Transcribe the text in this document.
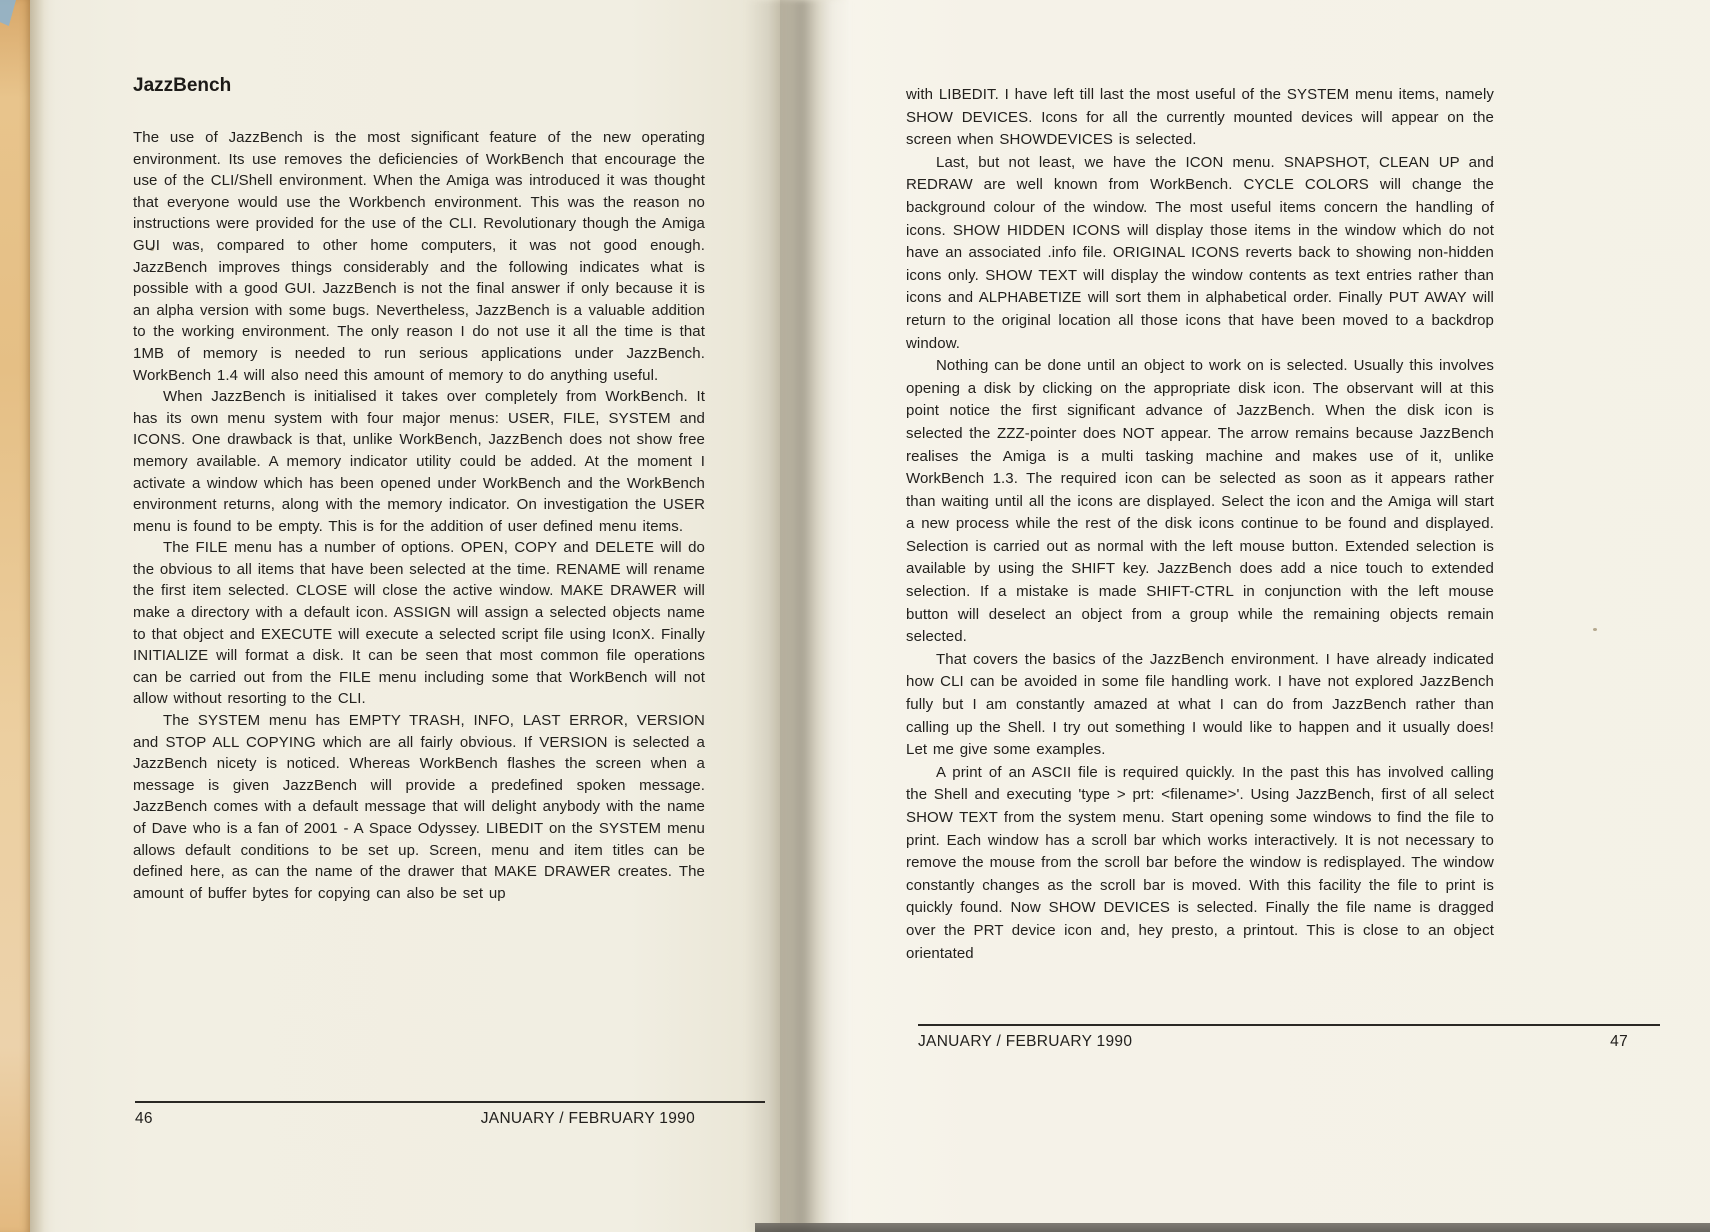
JazzBench

The use of JazzBench is the most significant feature of the new operating environment. Its use removes the deficiencies of WorkBench that encourage the use of the CLI/Shell environment. When the Amiga was introduced it was thought that everyone would use the Workbench environment. This was the reason no instructions were provided for the use of the CLI. Revolutionary though the Amiga GUI was, compared to other home computers, it was not good enough. JazzBench improves things considerably and the following indicates what is possible with a good GUI. JazzBench is not the final answer if only because it is an alpha version with some bugs. Nevertheless, JazzBench is a valuable addition to the working environment. The only reason I do not use it all the time is that 1MB of memory is needed to run serious applications under JazzBench. WorkBench 1.4 will also need this amount of memory to do anything useful.

When JazzBench is initialised it takes over completely from WorkBench. It has its own menu system with four major menus: USER, FILE, SYSTEM and ICONS. One drawback is that, unlike WorkBench, JazzBench does not show free memory available. A memory indicator utility could be added. At the moment I activate a window which has been opened under WorkBench and the WorkBench environment returns, along with the memory indicator. On investigation the USER menu is found to be empty. This is for the addition of user defined menu items.

The FILE menu has a number of options. OPEN, COPY and DELETE will do the obvious to all items that have been selected at the time. RENAME will rename the first item selected. CLOSE will close the active window. MAKE DRAWER will make a directory with a default icon. ASSIGN will assign a selected objects name to that object and EXECUTE will execute a selected script file using IconX. Finally INITIALIZE will format a disk. It can be seen that most common file operations can be carried out from the FILE menu including some that WorkBench will not allow without resorting to the CLI.

The SYSTEM menu has EMPTY TRASH, INFO, LAST ERROR, VERSION and STOP ALL COPYING which are all fairly obvious. If VERSION is selected a JazzBench nicety is noticed. Whereas WorkBench flashes the screen when a message is given JazzBench will provide a predefined spoken message. JazzBench comes with a default message that will delight anybody with the name of Dave who is a fan of 2001 - A Space Odyssey. LIBEDIT on the SYSTEM menu allows default conditions to be set up. Screen, menu and item titles can be defined here, as can the name of the drawer that MAKE DRAWER creates. The amount of buffer bytes for copying can also be set up

46	JANUARY / FEBRUARY 1990

with LIBEDIT. I have left till last the most useful of the SYSTEM menu items, namely SHOW DEVICES. Icons for all the currently mounted devices will appear on the screen when SHOWDEVICES is selected.

Last, but not least, we have the ICON menu. SNAPSHOT, CLEAN UP and REDRAW are well known from WorkBench. CYCLE COLORS will change the background colour of the window. The most useful items concern the handling of icons. SHOW HIDDEN ICONS will display those items in the window which do not have an associated .info file. ORIGINAL ICONS reverts back to showing non-hidden icons only. SHOW TEXT will display the window contents as text entries rather than icons and ALPHABETIZE will sort them in alphabetical order. Finally PUT AWAY will return to the original location all those icons that have been moved to a backdrop window.

Nothing can be done until an object to work on is selected. Usually this involves opening a disk by clicking on the appropriate disk icon. The observant will at this point notice the first significant advance of JazzBench. When the disk icon is selected the ZZZ-pointer does NOT appear. The arrow remains because JazzBench realises the Amiga is a multi tasking machine and makes use of it, unlike WorkBench 1.3. The required icon can be selected as soon as it appears rather than waiting until all the icons are displayed. Select the icon and the Amiga will start a new process while the rest of the disk icons continue to be found and displayed. Selection is carried out as normal with the left mouse button. Extended selection is available by using the SHIFT key. JazzBench does add a nice touch to extended selection. If a mistake is made SHIFT-CTRL in conjunction with the left mouse button will deselect an object from a group while the remaining objects remain selected.

That covers the basics of the JazzBench environment. I have already indicated how CLI can be avoided in some file handling work. I have not explored JazzBench fully but I am constantly amazed at what I can do from JazzBench rather than calling up the Shell. I try out something I would like to happen and it usually does! Let me give some examples.

A print of an ASCII file is required quickly. In the past this has involved calling the Shell and executing 'type > prt: <filename>'. Using JazzBench, first of all select SHOW TEXT from the system menu. Start opening some windows to find the file to print. Each window has a scroll bar which works interactively. It is not necessary to remove the mouse from the scroll bar before the window is redisplayed. The window constantly changes as the scroll bar is moved. With this facility the file to print is quickly found. Now SHOW DEVICES is selected. Finally the file name is dragged over the PRT device icon and, hey presto, a printout. This is close to an object orientated

JANUARY / FEBRUARY 1990	47
